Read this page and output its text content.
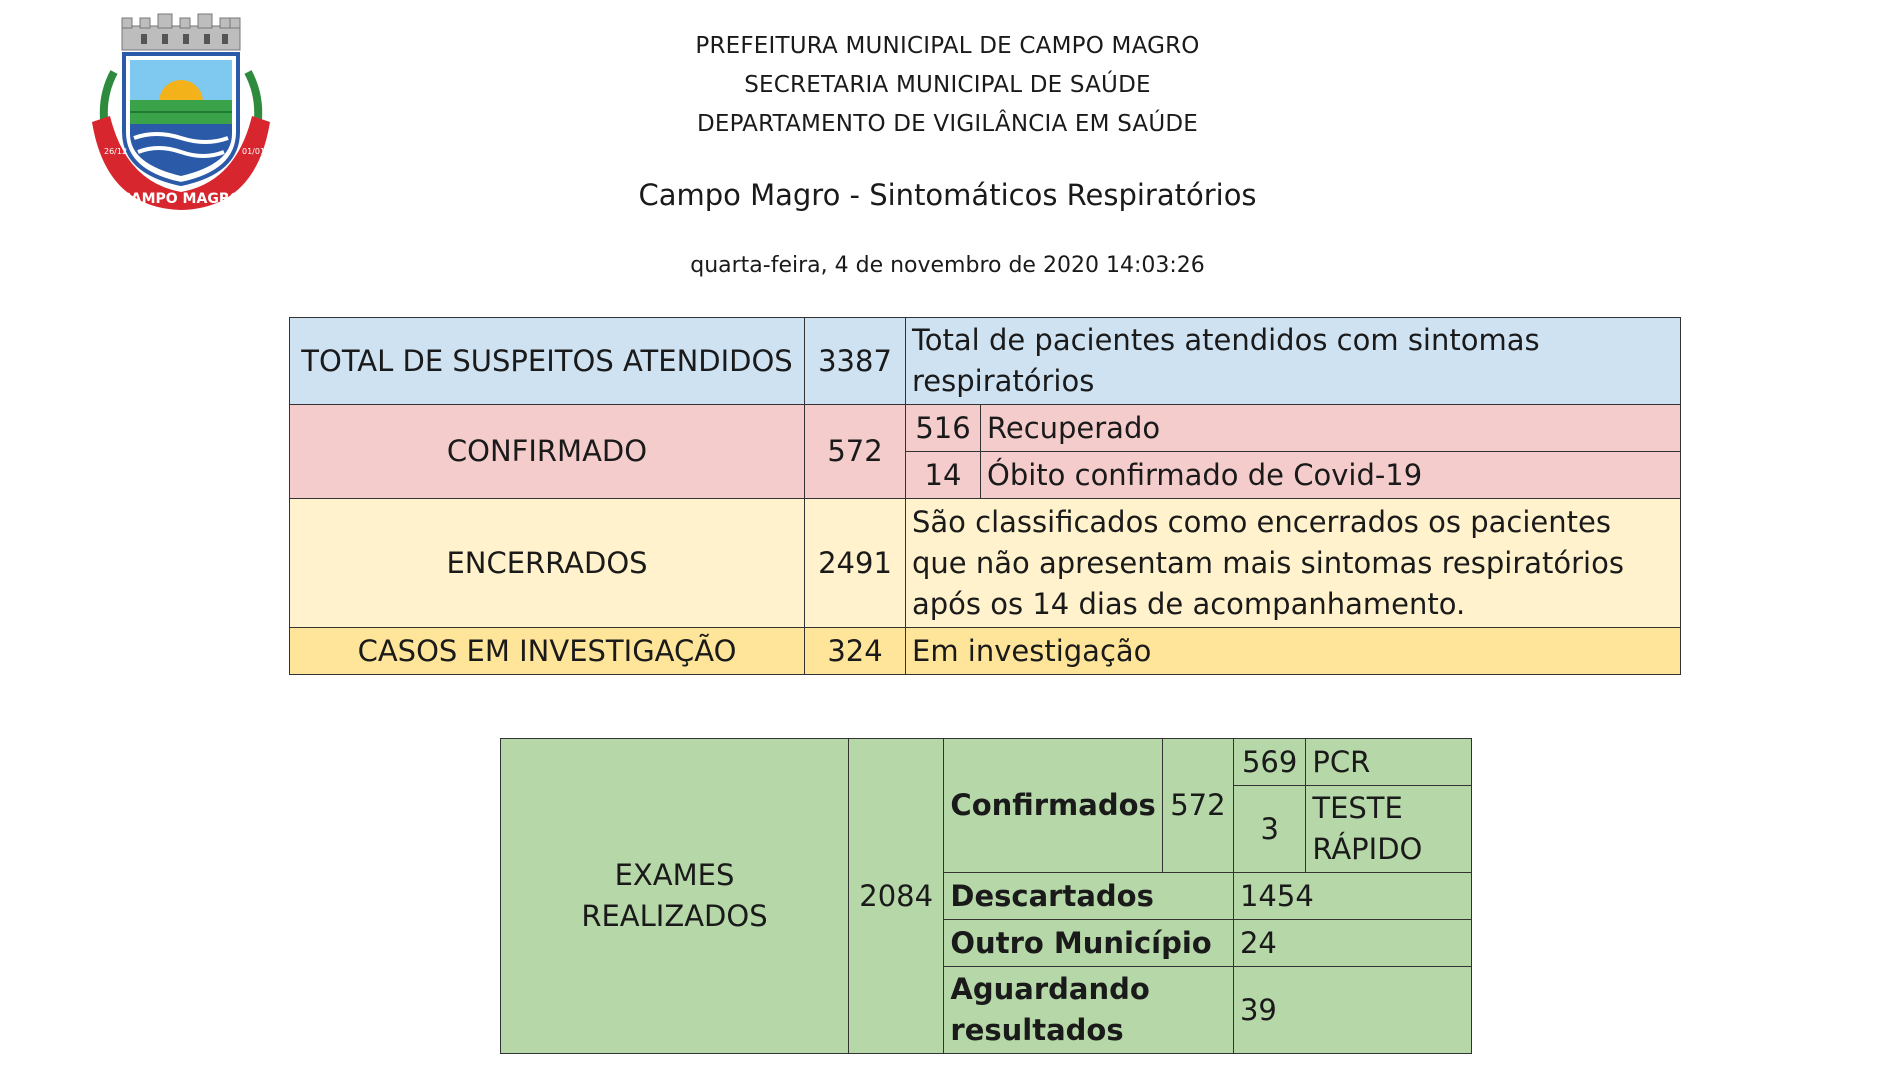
CAMPO MAGRO
26/12	01/01
PREFEITURA MUNICIPAL DE CAMPO MAGRO
SECRETARIA MUNICIPAL DE SAÚDE
DEPARTAMENTO DE VIGILÂNCIA EM SAÚDE
Campo Magro - Sintomáticos Respiratórios
quarta-feira, 4 de novembro de 2020 14:03:26
TOTAL DE SUSPEITOS ATENDIDOS	3387	Total de pacientes atendidos com sintomas respiratórios	
CONFIRMADO	572	516	Recuperado
		14	Óbito confirmado de Covid-19
ENCERRADOS	2491	São classificados como encerrados os pacientes que não apresentam mais sintomas respiratórios após os 14 dias de acompanhamento.	
CASOS EM INVESTIGAÇÃO	324	Em investigação	
EXAMES REALIZADOS	2084	Confirmados	572	569	PCR
				3	TESTE RÁPIDO
		Descartados		1454	
		Outro Município		24	
		Aguardando resultados		39	
